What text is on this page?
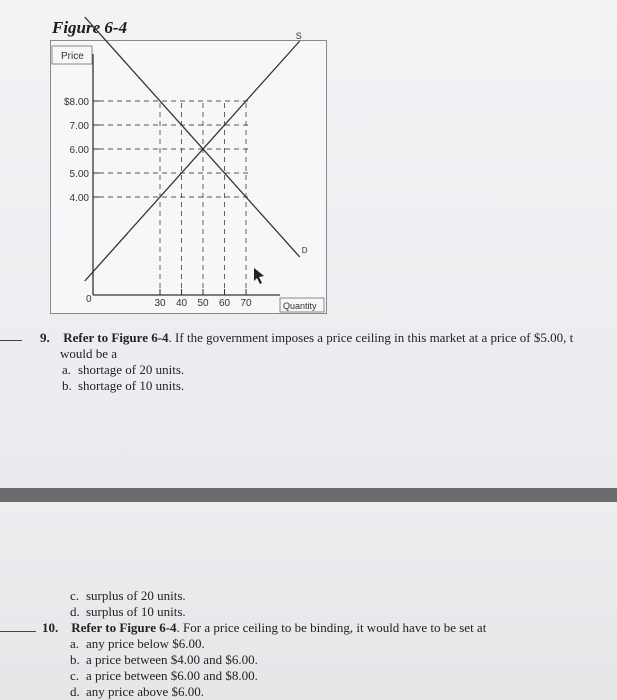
Figure 6-4
Price
Quantity
0
$8.00
7.00
6.00
5.00
4.00
30 40 50 60 70
S
D
9. Refer to Figure 6-4. If the government imposes a price ceiling in this market at a price of $5.00, t
would be a
a. shortage of 20 units.
b. shortage of 10 units.
c. surplus of 20 units.
d. surplus of 10 units.
10. Refer to Figure 6-4. For a price ceiling to be binding, it would have to be set at
a. any price below $6.00.
b. a price between $4.00 and $6.00.
c. a price between $6.00 and $8.00.
d. any price above $6.00.
